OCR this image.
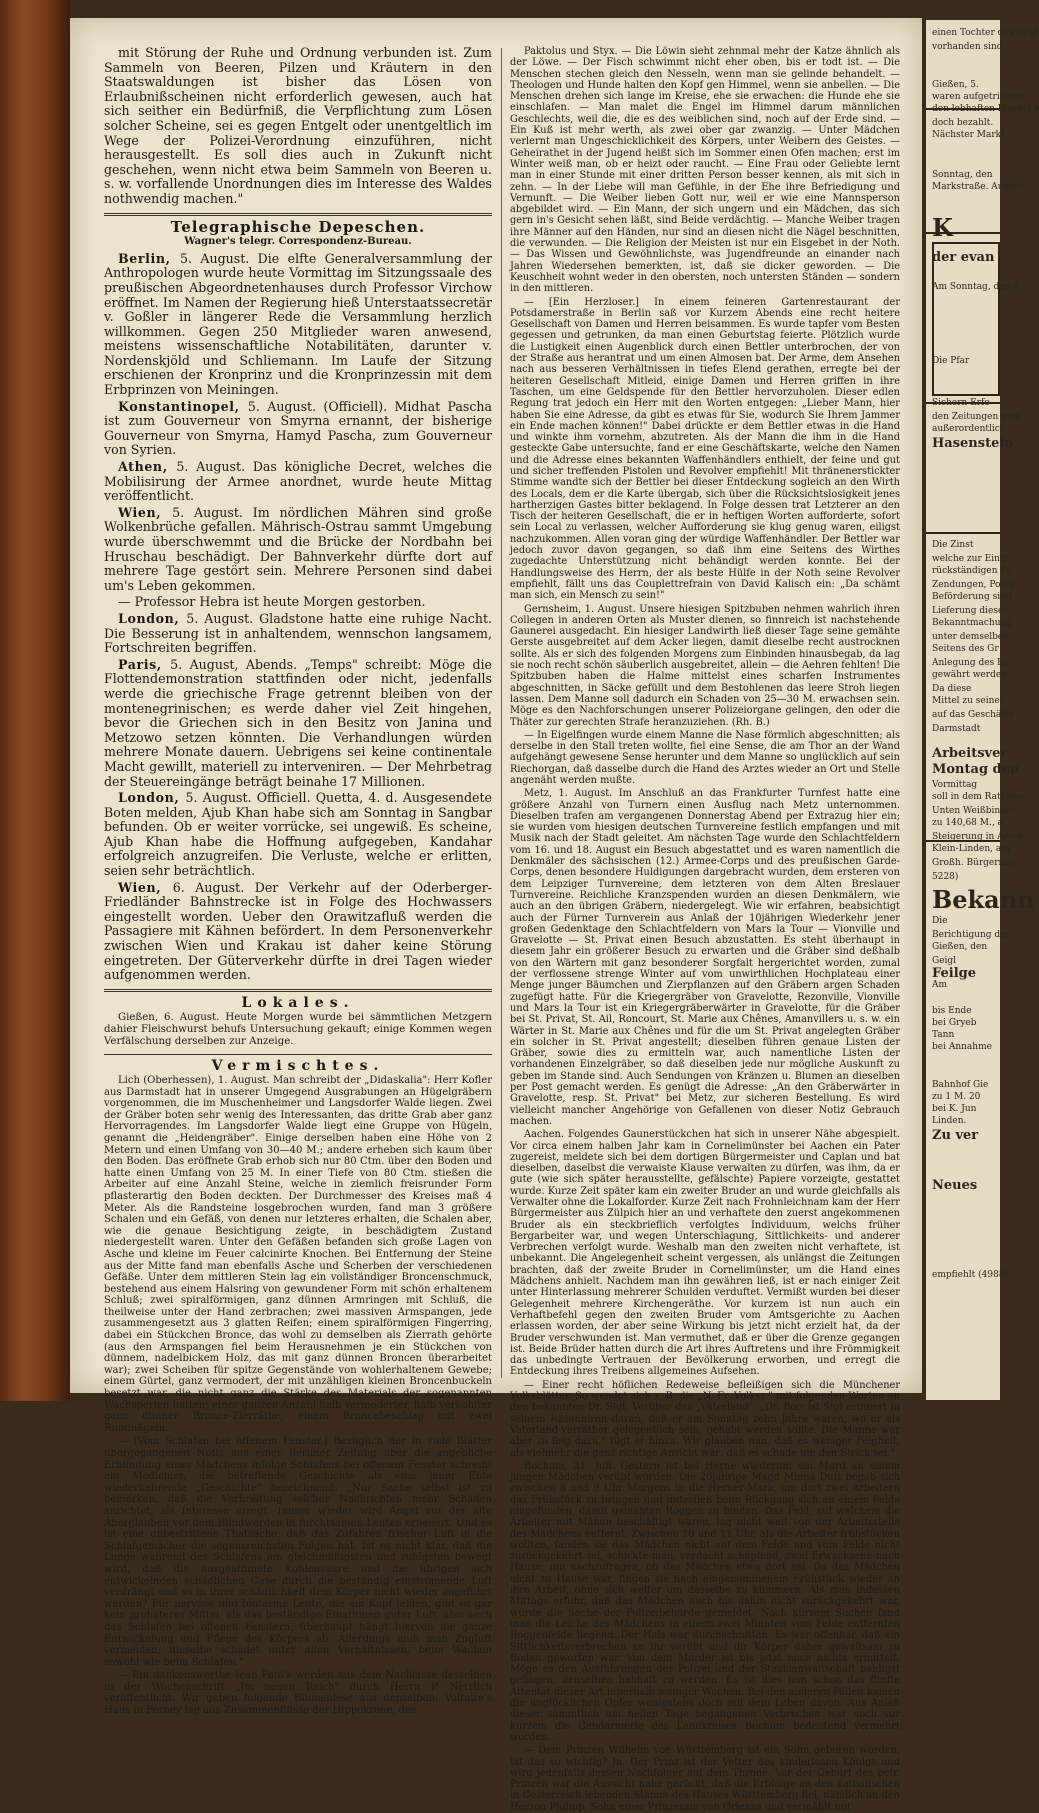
mit Störung der Ruhe und Ordnung verbunden ist. Zum Sammeln von Beeren, Pilzen und Kräutern in den Staatswaldungen ist bisher das Lösen von Erlaubnißscheinen nicht erforderlich gewesen, auch hat sich seither ein Bedürfniß, die Verpflichtung zum Lösen solcher Scheine, sei es gegen Entgelt oder unentgeltlich im Wege der Polizei-Verordnung einzuführen, nicht herausgestellt. Es soll dies auch in Zukunft nicht geschehen, wenn nicht etwa beim Sammeln von Beeren u. s. w. vorfallende Unordnungen dies im Interesse des Waldes nothwendig machen."

Telegraphische Depeschen.
Wagner's telegr. Correspondenz-Bureau.

Berlin, 5. August. Die elfte Generalversammlung der Anthropologen wurde heute Vormittag im Sitzungssaale des preußischen Abgeordnetenhauses durch Professor Virchow eröffnet. Im Namen der Regierung hieß Unterstaatssecretär v. Goßler in längerer Rede die Versammlung herzlich willkommen. Gegen 250 Mitglieder waren anwesend, meistens wissenschaftliche Notabilitäten, darunter v. Nordenskjöld und Schliemann. Im Laufe der Sitzung erschienen der Kronprinz und die Kronprinzessin mit dem Erbprinzen von Meiningen.

Konstantinopel, 5. August. (Officiell). Midhat Pascha ist zum Gouverneur von Smyrna ernannt, der bisherige Gouverneur von Smyrna, Hamyd Pascha, zum Gouverneur von Syrien.

Athen, 5. August. Das königliche Decret, welches die Mobilisirung der Armee anordnet, wurde heute Mittag veröffentlicht.

Wien, 5. August. Im nördlichen Mähren sind große Wolkenbrüche gefallen. Mährisch-Ostrau sammt Umgebung wurde überschwemmt und die Brücke der Nordbahn bei Hruschau beschädigt. Der Bahnverkehr dürfte dort auf mehrere Tage gestört sein. Mehrere Personen sind dabei um's Leben gekommen.

— Professor Hebra ist heute Morgen gestorben.

London, 5. August. Gladstone hatte eine ruhige Nacht. Die Besserung ist in anhaltendem, wennschon langsamem, Fortschreiten begriffen.

Paris, 5. August, Abends. „Temps" schreibt: Möge die Flottendemonstration stattfinden oder nicht, jedenfalls werde die griechische Frage getrennt bleiben von der montenegrinischen; es werde daher viel Zeit hingehen, bevor die Griechen sich in den Besitz von Janina und Metzowo setzen könnten. Die Verhandlungen würden mehrere Monate dauern. Uebrigens sei keine continentale Macht gewillt, materiell zu interveniren. — Der Mehrbetrag der Steuereingänge beträgt beinahe 17 Millionen.

London, 5. August. Officiell. Quetta, 4. d. Ausgesendete Boten melden, Ajub Khan habe sich am Sonntag in Sangbar befunden. Ob er weiter vorrücke, sei ungewiß. Es scheine, Ajub Khan habe die Hoffnung aufgegeben, Kandahar erfolgreich anzugreifen. Die Verluste, welche er erlitten, seien sehr beträchtlich.

Wien, 6. August. Der Verkehr auf der Oderberger-Friedländer Bahnstrecke ist in Folge des Hochwassers eingestellt worden. Ueber den Orawitzafluß werden die Passagiere mit Kähnen befördert. In dem Personenverkehr zwischen Wien und Krakau ist daher keine Störung eingetreten. Der Güterverkehr dürfte in drei Tagen wieder aufgenommen werden.

Lokales.

Gießen, 6. August. Heute Morgen wurde bei sämmtlichen Metzgern dahier Fleischwurst behufs Untersuchung gekauft; einige Kommen wegen Verfälschung derselben zur Anzeige.

Vermischtes.

Lich (Oberhessen), 1. August. Man schreibt der „Didaskalia": Herr Kofler aus Darmstadt hat in unserer Umgegend Ausgrabungen an Hügelgräbern vorgenommen, die im Muschenheimer und Langsdorfer Walde liegen. Zwei der Gräber boten sehr wenig des Interessanten, das dritte Grab aber ganz Hervorragendes. Im Langsdorfer Walde liegt eine Gruppe von Hügeln, genannt die „Heidengräber". Einige derselben haben eine Höhe von 2 Metern und einen Umfang von 30—40 M.; andere erheben sich kaum über den Boden. Das eröffnete Grab erhob sich nur 80 Ctm. über den Boden und hatte einen Umfang von 25 M. In einer Tiefe von 80 Ctm. stießen die Arbeiter auf eine Anzahl Steine, welche in ziemlich freisrunder Form pflasterartig den Boden deckten. Der Durchmesser des Kreises maß 4 Meter. Als die Randsteine losgebrochen wurden, fand man 3 größere Schalen und ein Gefäß, von denen nur letzteres erhalten, die Schalen aber, wie die genaue Besichtigung zeigte, in beschädigtem Zustand niedergestellt waren. Unter den Gefäßen befanden sich große Lagen von Asche und kleine im Feuer calcinirte Knochen. Bei Entfernung der Steine aus der Mitte fand man ebenfalls Asche und Scherben der verschiedenen Gefäße. Unter dem mittleren Stein lag ein vollständiger Broncenschmuck, bestehend aus einem Halsring von gewundener Form mit schön erhaltenem Schluß; zwei spiralförmigen, ganz dünnen Armringen mit Schluß, die theilweise unter der Hand zerbrachen; zwei massiven Armspangen, jede zusammengesetzt aus 3 glatten Reifen; einem spiralförmigen Fingerring, dabei ein Stückchen Bronce, das wohl zu demselben als Zierrath gehörte (aus den Armspangen fiel beim Herausnehmen je ein Stückchen von dünnem, nadelbickem Holz, das mit ganz dünnen Broncen überarbeitet war); zwei Scheiben für spitze Gegenstände von wohlerhaltenem Gewebe; einem Gürtel, ganz vermodert, der mit unzähligen kleinen Broncenbuckeln besetzt war, die nicht ganz die Stärke des Materials der sogenannten Wachsperlen hatten; einer ganzen Anzahl halb vermoderter, halb verkohlter ganz dünner Bronce-Zierräthe; einem Broncebeschlag mit zwei Rundnägeln.

— [Vom Schlafen bei offenem Fenster.] Bezüglich der in viele Blätter übergegangenen Notiz aus einer Berliner Zeitung über die angebliche Erblindung eines Mädchens infolge Schlafens bei offenem Fenster schreibt ein Mediciner, die betreffende Geschichte als eine jener Ente wiederkehrende „Geschichte" bezeichnend: „Nur Sache selbst ist zu bemerken, daß die Verbreitung solcher Nachrichten mehr Schaden anrichtet, als Interesse erregt. Immer wieder wird Angst vor der alte Aberglauben vor dem Blindwerden in furchtsamen Leuten erneuert. Und es ist eine unbestrittene Thatsache, daß das Zufahren frischer Luft in die Schlafgemächer die segensreichsten Folgen hat. Ist es nicht klar, daß die Lunge während des Schlafens am gleichmäßigsten und ruhigsten bewegt wird, daß die ausgeathmete Kohlensäure und die übrigen sich entwickelnden schädlichen Gase durch die beständig einströmende Luft verdrängt und so in ihrer schädlichkeit dem Körper nicht wieder zugeführt werden? Für nervöse und blutarme Leute, die am Kopf leiden, gibt es gar kein probateres Mittel, als das beständige Einathmen guter Luft, also auch das Schlafen bei offenen Fenstern; überhaupt hängt hiervon die ganze Entwickelung und Pflege des Körpers ab. Allerdings muß man Zugluft vermeiden; dieselbe schadet unter allen Verhältnissen, beim Wachen sowohl wie beim Schlafen."

— Ein dankenswerthe Iean Paul's werden aus dem Nachlasse desselben in der Wochenschrift „Im neuen Reich" durch Herrn P. Nerrlich veröffentlicht. Wir geben folgende Blumenlese aus denselben: Voltaire's Haus in Ferney lag aus Zusammenflüsse der Hippokrene, des

Paktolus und Styx. — Die Löwin sieht zehnmal mehr der Katze ähnlich als der Löwe. — Der Fisch schwimmt nicht eher oben, bis er todt ist. — Die Menschen stechen gleich den Nesseln, wenn man sie gelinde behandelt. — Theologen und Hunde halten den Kopf gen Himmel, wenn sie anbellen. — Die Menschen drehen sich lange im Kreise, ehe sie erwachen: die Hunde ehe sie einschlafen. — Man malet die Engel im Himmel darum männlichen Geschlechts, weil die, die es des weiblichen sind, noch auf der Erde sind. — Ein Kuß ist mehr werth, als zwei ober gar zwanzig. — Unter Mädchen verlernt man Ungeschicklichkeit des Körpers, unter Weibern des Geistes. — Geheirathet in der Jugend heißt sich im Sommer einen Ofen machen; erst im Winter weiß man, ob er heizt oder raucht. — Eine Frau oder Geliebte lernt man in einer Stunde mit einer dritten Person besser kennen, als mit sich in zehn. — In der Liebe will man Gefühle, in der Ehe ihre Befriedigung und Vernunft. — Die Weiber lieben Gott nur, weil er wie eine Mannsperson abgebildet wird. — Ein Mann, der sich ungern und ein Mädchen, das sich gern in's Gesicht sehen läßt, sind Beide verdächtig. — Manche Weiber tragen ihre Männer auf den Händen, nur sind an diesen nicht die Nägel beschnitten, die verwunden. — Die Religion der Meisten ist nur ein Eisgebet in der Noth. — Das Wissen und Gewöhnlichste, was Jugendfreunde an einander nach Jahren Wiedersehen bemerkten, ist, daß sie dicker geworden. — Die Keuschheit wohnt weder in den obersten, noch untersten Ständen — sondern in den mittleren.

— [Ein Herzloser.] In einem feineren Gartenrestaurant der Potsdamerstraße in Berlin saß vor Kurzem Abends eine recht heitere Gesellschaft von Damen und Herren beisammen. Es wurde tapfer vom Besten gegessen und getrunken, da man einen Geburtstag feierte. Plötzlich wurde die Lustigkeit einen Augenblick durch einen Bettler unterbrochen, der von der Straße aus herantrat und um einen Almosen bat. Der Arme, dem Ansehen nach aus besseren Verhältnissen in tiefes Elend gerathen, erregte bei der heiteren Gesellschaft Mitleid, einige Damen und Herren griffen in ihre Taschen, um eine Geldspende für den Bettler hervorzuholen. Dieser edlen Regung trat jedoch ein Herr mit den Worten entgegen: „Lieber Mann, hier haben Sie eine Adresse, da gibt es etwas für Sie, wodurch Sie Ihrem Jammer ein Ende machen können!" Dabei drückte er dem Bettler etwas in die Hand und winkte ihm vornehm, abzutreten. Als der Mann die ihm in die Hand gesteckte Gabe untersuchte, fand er eine Geschäftskarte, welche den Namen und die Adresse eines bekannten Waffenhändlers enthielt, der feine und gut und sicher treffenden Pistolen und Revolver empfiehlt! Mit thränenerstickter Stimme wandte sich der Bettler bei dieser Entdeckung sogleich an den Wirth des Locals, dem er die Karte übergab, sich über die Rücksichtslosigkeit jenes hartherzigen Gastes bitter beklagend. In Folge dessen trat Letzterer an den Tisch der heiteren Gesellschaft, die er in heftigen Worten aufforderte, sofort sein Local zu verlassen, welcher Aufforderung sie klug genug waren, eiligst nachzukommen. Allen voran ging der würdige Waffenhändler. Der Bettler war jedoch zuvor davon gegangen, so daß ihm eine Seitens des Wirthes zugedachte Unterstützung nicht behändigt werden konnte. Bei der Handlungsweise des Herrn, der als beste Hülfe in der Noth seine Revolver empfiehlt, fällt uns das Couplettrefrain von David Kalisch ein: „Da schämt man sich, ein Mensch zu sein!"

Gernsheim, 1. August. Unsere hiesigen Spitzbuben nehmen wahrlich ihren Collegen in anderen Orten als Muster dienen, so finnreich ist nachstehende Gaunerei ausgedacht. Ein hiesiger Landwirth ließ dieser Tage seine gemähte Gerste ausgebreitet auf dem Acker liegen, damit dieselbe recht austrocknen sollte. Als er sich des folgenden Morgens zum Einbinden hinausbegab, da lag sie noch recht schön säuberlich ausgebreitet, allein — die Aehren fehlten! Die Spitzbuben haben die Halme mittelst eines scharfen Instrumentes abgeschnitten, in Säcke gefüllt und dem Bestohlenen das leere Stroh liegen lassen. Dem Manne soll dadurch ein Schaden von 25—30 M. erwachsen sein. Möge es den Nachforschungen unserer Polizeiorgane gelingen, den oder die Thäter zur gerechten Strafe heranzuziehen. (Rh. B.)

— In Eigelfingen wurde einem Manne die Nase förmlich abgeschnitten; als derselbe in den Stall treten wollte, fiel eine Sense, die am Thor an der Wand aufgehängt gewesene Sense herunter und dem Manne so unglücklich auf sein Riechorgan, daß dasselbe durch die Hand des Arztes wieder an Ort und Stelle angenäht werden mußte.

Metz, 1. August. Im Anschluß an das Frankfurter Turnfest hatte eine größere Anzahl von Turnern einen Ausflug nach Metz unternommen. Dieselben trafen am vergangenen Donnerstag Abend per Extrazug hier ein; sie wurden vom hiesigen deutschen Turnvereine festlich empfangen und mit Musik nach der Stadt geleitet. Am nächsten Tage wurde den Schlachtfeldern vom 16. und 18. August ein Besuch abgestattet und es waren namentlich die Denkmäler des sächsischen (12.) Armee-Corps und des preußischen Garde-Corps, denen besondere Huldigungen dargebracht wurden, dem ersteren von dem Leipziger Turnvereine, dem letzteren von dem Alten Breslauer Turnvereine. Reichliche Kranzspenden wurden an diesen Denkmälern, wie auch an den übrigen Gräbern, niedergelegt. Wie wir erfahren, beabsichtigt auch der Fürner Turnverein aus Anlaß der 10jährigen Wiederkehr jener großen Gedenktage den Schlachtfeldern von Mars la Tour — Vionville und Gravelotte — St. Privat einen Besuch abzustatten. Es steht überhaupt in diesem Jahr ein größerer Besuch zu erwarten und die Gräber sind deßhalb von den Wärtern mit ganz besonderer Sorgfalt hergerichtet worden, zumal der verflossene strenge Winter auf vom unwirthlichen Hochplateau einer Menge junger Bäumchen und Zierpflanzen auf den Gräbern argen Schaden zugefügt hatte. Für die Kriegergräber von Gravelotte, Rezonville, Vionville und Mars la Tour ist ein Kriegergräberwärter in Gravelotte, für die Gräber bei St. Privat, St. Ail, Roncourt, St. Marie aux Chênes, Amanvillers u. s. w. ein Wärter in St. Marie aux Chênes und für die um St. Privat angelegten Gräber ein solcher in St. Privat angestellt; dieselben führen genaue Listen der Gräber, sowie dies zu ermitteln war, auch namentliche Listen der vorhandenen Einzelgräber, so daß dieselben jede nur mögliche Auskunft zu geben im Stande sind. Auch Sendungen von Kränzen u. Blumen an dieselben per Post gemacht werden. Es genügt die Adresse: „An den Gräberwärter in Gravelotte, resp. St. Privat" bei Metz, zur sicheren Bestellung. Es wird vielleicht mancher Angehörige von Gefallenen von dieser Notiz Gebrauch machen.

Aachen. Folgendes Gaunerstückchen hat sich in unserer Nähe abgespielt. Vor circa einem halben Jahr kam in Cornelimünster bei Aachen ein Pater zugereist, meldete sich bei dem dortigen Bürgermeister und Caplan und bat dieselben, daselbst die verwaiste Klause verwalten zu dürfen, was ihm, da er gute (wie sich später herausstellte, gefälschte) Papiere vorzeigte, gestattet wurde. Kurze Zeit später kam ein zweiter Bruder an und wurde gleichfalls als Verwalter ohne die Lokalforder. Kurze Zeit nach Frohnleichnam kam der Herr Bürgermeister aus Zülpich hier an und verhaftete den zuerst angekommenen Bruder als ein steckbrieflich verfolgtes Individuum, welchs früher Bergarbeiter war, und wegen Unterschlagung, Sittlichkeits- und anderer Verbrechen verfolgt wurde. Weshalb man den zweiten nicht verhaftete, ist unbekannt. Die Angelegenheit scheint vergessen, als unlängst die Zeitungen brachten, daß der zweite Bruder in Cornelimünster, um die Hand eines Mädchens anhielt. Nachdem man ihn gewähren ließ, ist er nach einiger Zeit unter Hinterlassung mehrerer Schulden verduftet. Vermißt wurden bei dieser Gelegenheit mehrere Kirchengeräthe. Vor kurzem ist nun auch ein Verhaftbefehl gegen den zweiten Bruder vom Amtsgerichte zu Aachen erlassen worden, der aber seine Wirkung bis jetzt nicht erzielt hat, da der Bruder verschwunden ist. Man vermuthet, daß er über die Grenze gegangen ist. Beide Brüder hatten durch die Art ihres Auftretens und ihre Frömmigkeit das unbedingte Vertrauen der Bevölkerung erworben, und erregt die Entdeckung ihres Treibens allgemeines Aufsehen.

— Einer recht höflichen Redeweise befleißigen sich die Münchener Volksblätter. So wendet sich z. B. die „N. Fr. Volksz." mit folgenden Worten an den bekannten Dr. Sigl, Verüber des „Vaterland": „Dr. Bor: ist Sigl erinnert in seinem Räsonniren daran, daß er am Sonntag zehn Jahre waren, wo er als Vaterland-verräther gelegentlich sein, gehabt werden sollte. Die Manne war aber zu feig dazu," fügt er hinzu. Wir glauben nun, daß es weniger Feigheit, als vielmehr die ganz richtige Ansicht war: daß es schade um den Strick sei."

Bochum, 31. Juli. Gestern ist bei Herne wiederum ein Mord an einem jungen Mädchen verübt worden. Die 20jährige Magd Minna Dutt begab sich zwischen 8 und 9 Uhr Morgens in die Herner-Mark, um dort zwei Arbeitern das Frühstück zu bringen und unterließ beim Rückgang sich an einem Felde eingefunden, damit gemähten Roggen zu binden. Das Feld, auf welchem die Arbeiter mit Mähen beschäftigt waren, lag nicht weit von der Arbeitsstelle des Mädchens entfernt. Zwischen 10 und 11 Uhr, als die Arbeiter frühstücken wollten, fanden sie das Mädchen nicht auf dem Felde und vom Felde nicht zurückgekehrt sei, schickte man, verdacht schöpfend, zwei Erwachsene nach Hause, um nachzufragen, ob das Mädchen etwa dort sei. Da das Mädchen nicht zu Hause war, fingen sie nach eingenommenem Frühstück wieder an ihre Arbeit, ohne sich weiter um dasselbe zu kümmern. Als man indessen Mittags erfuhr, daß das Mädchen auch bis dahin nicht zurückgekehrt war, wurde die Sache der Polizeibehörde gemeldet. Nach kurzem Suchen fand man die Leiche des Mädchens in einem zwei Minuten vom Felde entfernten Roggenfelde liegend. Der Hals war durchschnitten. Es war offenbar, daß ein Sittlichkeitsverbrechen an ihr verübt und ihr Körper daher gewaltsam zu Boden geworfen war. Von dem Mörder ist bis jetzt noch nichts ermittelt. Möge es den Ausführungen der Polizei und der Staatsanwaltschaft baldigst gelingen, denselben habhaft zu werden. Es ist dies nun schon das fünfte Attentat dieser Art innerhalb weniger Wochen. Bei den anderen Fällen kamen die unglücklichen Opfer wenigstens doch mit dem Leben davon. Aus Anlaß dieser sämmtlich am hellen Tage begangenen Verbrechen war noch vor kurzem die Gendarmerie des Landkreises Bochum bedeutend vermehrt worden.

— Dem Prinzen Wilhelm von Württemberg ist ein Sohn geboren worden. Ist das so wichtig? Ja. Der Prinz ist der Vetter des kinderlosen Königs und wird jedenfalls dessen Nachfolger auf dem Throne. Vor der Geburt des betr. Prinzen war die Aussicht nahe gerückt, daß die Erbfolge an den katholischen in Oesterreich lebenden Stamm des Hauses Württemberg fiel, nämlich an den Herzog Philipp, Sohn einer Prinzessin von Orleans und vermählt mit

einen Tochter des Gräf
vorhanden sind.
Gießen, 5.
waren aufgetrieben:
den lebhaften Handel h
doch bezahlt.
Nächster Markt
Sonntag, den
Markstraße. August
K
der evan
Am Sonntag, den 8
Die Pfar
Sichern Erfo
den Zeitungen gew
außerordentlich
Hasenstein
Die Zinst
welche zur Eintr
rückständigen Po
Zendungen, Posta
Beförderung sind
Lieferung dieser
Bekanntmachung
unter demselben
Seitens des Gr
Anlegung des Bu
gewährt werden.
Da diese
Mittel zu seiner
auf das Geschäfts
Darmstadt
Arbeitsver
Montag den
Vormittag
soll in dem Rathhau
Unten Weißbinder
zu 140,68 M., a
Steigerung in Accor
Klein-Linden, am
Großh. Bürgermei
5228)
Bekann
Die
Berichtigung des
Gießen, den
Geigl
Feilge
Am
bis Ende
bei Gryeb
Tann
bei Annahme
Bahnhof Gie
zu 1 M. 20
bei K. Jun
Linden.
Zu ver
Neues
empfiehlt (4988)
